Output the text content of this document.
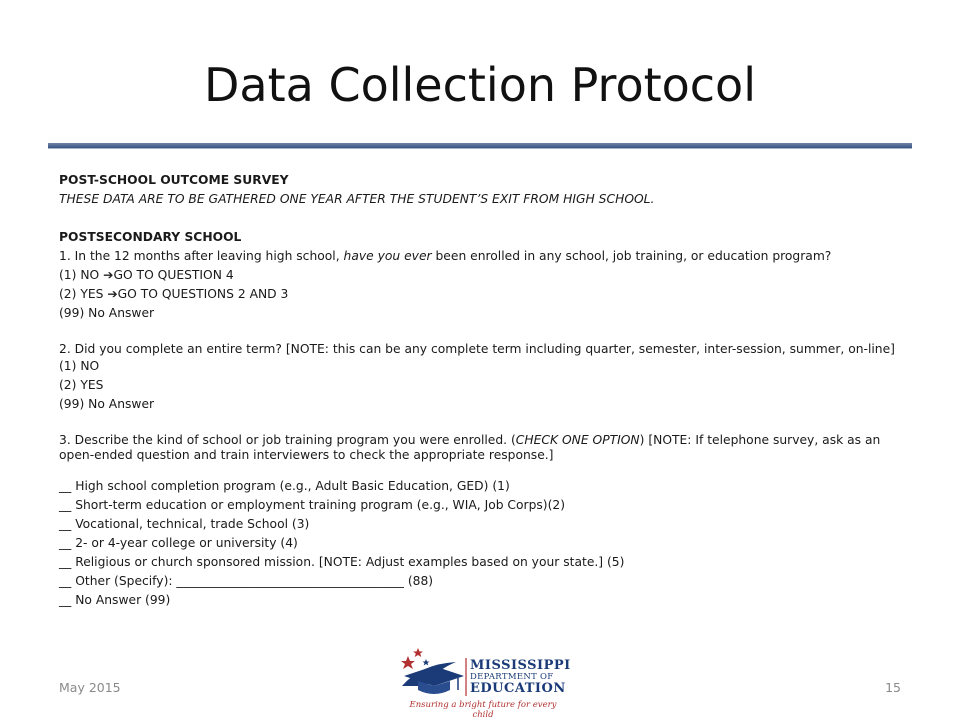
Data Collection Protocol

POST-SCHOOL OUTCOME SURVEY

THESE DATA ARE TO BE GATHERED ONE YEAR AFTER THE STUDENT’S EXIT FROM HIGH SCHOOL.

POSTSECONDARY SCHOOL

1. In the 12 months after leaving high school, have you ever been enrolled in any school, job training, or education program?

(1) NO ➔GO TO QUESTION 4

(2) YES ➔GO TO QUESTIONS 2 AND 3

(99) No Answer

2. Did you complete an entire term? [NOTE: this can be any complete term including quarter, semester, inter-session, summer, on-line]

(1) NO

(2) YES

(99) No Answer

3. Describe the kind of school or job training program you were enrolled. (CHECK ONE OPTION) [NOTE: If telephone survey, ask as an open-ended question and train interviewers to check the appropriate response.]

__ High school completion program (e.g., Adult Basic Education, GED) (1)

__ Short-term education or employment training program (e.g., WIA, Job Corps)(2)

__ Vocational, technical, trade School (3)

__ 2- or 4-year college or university (4)

__ Religious or church sponsored mission. [NOTE: Adjust examples based on your state.] (5)

__ Other (Specify): _____________________________________ (88)

__ No Answer (99)

May 2015	15
MISSISSIPPI
DEPARTMENT OF
EDUCATION
Ensuring a bright future for every child
